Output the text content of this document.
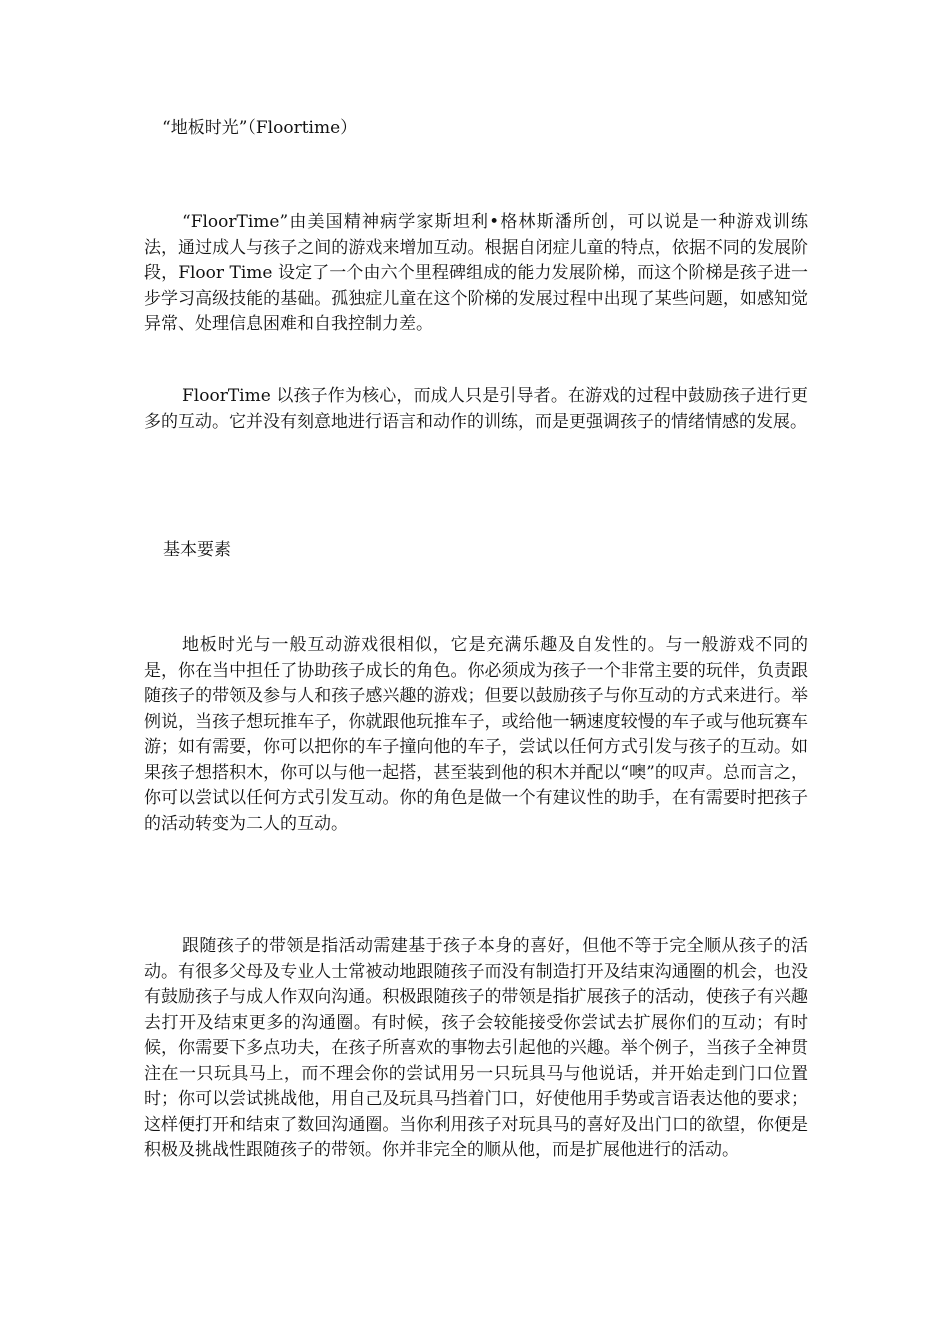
“地板时光”（Floortime）

“FloorTime”由美国精神病学家斯坦利•格林斯潘所创，可以说是一种游戏训练法，通过成人与孩子之间的游戏来增加互动。根据自闭症儿童的特点，依据不同的发展阶段，Floor Time 设定了一个由六个里程碑组成的能力发展阶梯，而这个阶梯是孩子进一步学习高级技能的基础。孤独症儿童在这个阶梯的发展过程中出现了某些问题，如感知觉异常、处理信息困难和自我控制力差。

FloorTime 以孩子作为核心，而成人只是引导者。在游戏的过程中鼓励孩子进行更多的互动。它并没有刻意地进行语言和动作的训练，而是更强调孩子的情绪情感的发展。

基本要素

地板时光与一般互动游戏很相似，它是充满乐趣及自发性的。与一般游戏不同的是，你在当中担任了协助孩子成长的角色。你必须成为孩子一个非常主要的玩伴，负责跟随孩子的带领及参与人和孩子感兴趣的游戏；但要以鼓励孩子与你互动的方式来进行。举例说，当孩子想玩推车子，你就跟他玩推车子，或给他一辆速度较慢的车子或与他玩赛车游；如有需要，你可以把你的车子撞向他的车子，尝试以任何方式引发与孩子的互动。如果孩子想搭积木，你可以与他一起搭，甚至装到他的积木并配以“噢”的叹声。总而言之，你可以尝试以任何方式引发互动。你的角色是做一个有建议性的助手，在有需要时把孩子的活动转变为二人的互动。

跟随孩子的带领是指活动需建基于孩子本身的喜好，但他不等于完全顺从孩子的活动。有很多父母及专业人士常被动地跟随孩子而没有制造打开及结束沟通圈的机会，也没有鼓励孩子与成人作双向沟通。积极跟随孩子的带领是指扩展孩子的活动，使孩子有兴趣去打开及结束更多的沟通圈。有时候，孩子会较能接受你尝试去扩展你们的互动；有时候，你需要下多点功夫，在孩子所喜欢的事物去引起他的兴趣。举个例子，当孩子全神贯注在一只玩具马上，而不理会你的尝试用另一只玩具马与他说话，并开始走到门口位置时；你可以尝试挑战他，用自己及玩具马挡着门口，好使他用手势或言语表达他的要求；这样便打开和结束了数回沟通圈。当你利用孩子对玩具马的喜好及出门口的欲望，你便是积极及挑战性跟随孩子的带领。你并非完全的顺从他，而是扩展他进行的活动。
